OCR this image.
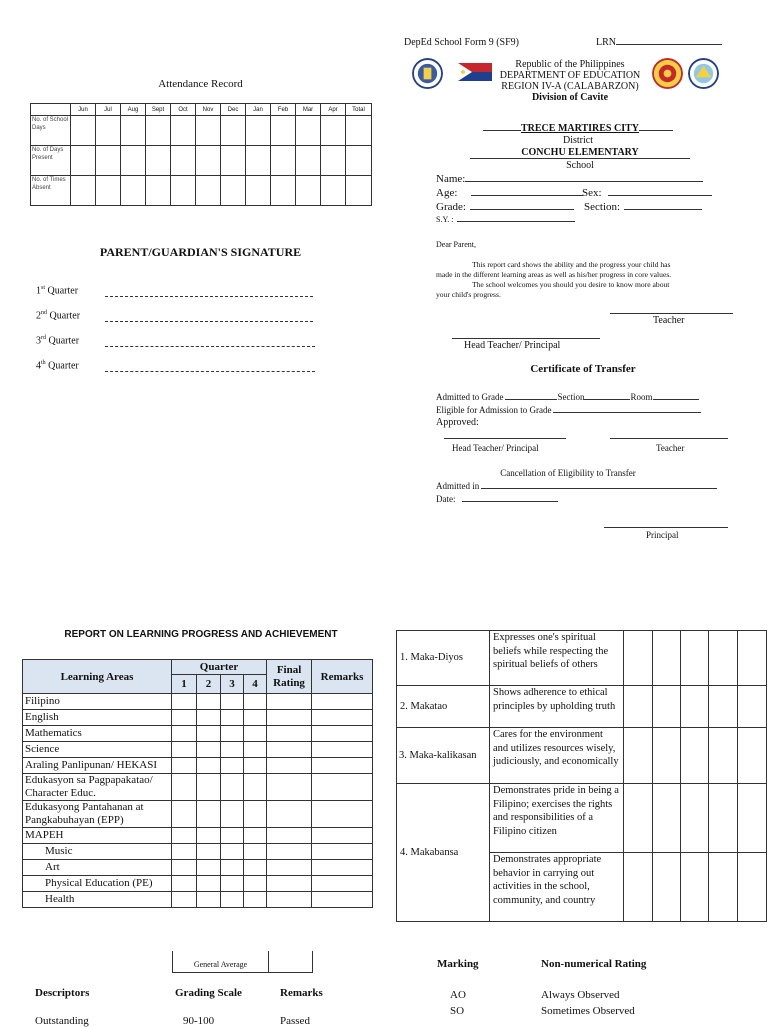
DepEd School Form 9 (SF9)	LRN
Republic of the Philippines
DEPARTMENT OF EDUCATION
REGION IV-A (CALABARZON)
Division of Cavite
TRECE MARTIRES CITY
District
CONCHU ELEMENTARY
School
Name:
Age:	Sex:
Grade:	Section:
S.Y. :
Dear Parent,
This report card shows the ability and the progress your child has
made in the different learning areas as well as his/her progress in core values.
The school welcomes you should you desire to know more about
your child's progress.
Teacher
Head Teacher/ Principal
Certificate of Transfer
Admitted to Grade	Section	Room
Eligible for Admission to Grade
Approved:
Head Teacher/ Principal	Teacher
Cancellation of Eligibility to Transfer
Admitted in
Date:
Principal
Attendance Record
	Jun	Jul	Aug	Sept	Oct	Nov	Dec	Jan	Feb	Mar	Apr	Total
No. of School Days												
No. of Days Present												
No. of Times Absent												
PARENT/GUARDIAN'S SIGNATURE
1st Quarter
2nd Quarter
3rd Quarter
4th Quarter
REPORT ON LEARNING PROGRESS AND ACHIEVEMENT
Learning Areas	Quarter				Final Rating	Remarks
	1	2	3	4		
Filipino						
English						
Mathematics						
Science						
Araling Panlipunan/ HEKASI						
Edukasyon sa Pagpapakatao/ Character Educ.						
Edukasyong Pantahanan at Pangkabuhayan (EPP)						
MAPEH						
Music						
Art						
Physical Education (PE)						
Health						
General Average
Descriptors	Grading Scale	Remarks
Outstanding	90-100	Passed
1. Maka-Diyos	Expresses one's spiritual beliefs while respecting the spiritual beliefs of others					
2. Makatao	Shows adherence to ethical principles by upholding truth					
3. Maka-kalikasan	Cares for the environment and utilizes resources wisely, judiciously, and economically					
4. Makabansa	Demonstrates pride in being a Filipino; exercises the rights and responsibilities of a Filipino citizen					
	Demonstrates appropriate behavior in carrying out activities in the school, community, and country					
Marking	Non-numerical Rating
AO	Always Observed
SO	Sometimes Observed
